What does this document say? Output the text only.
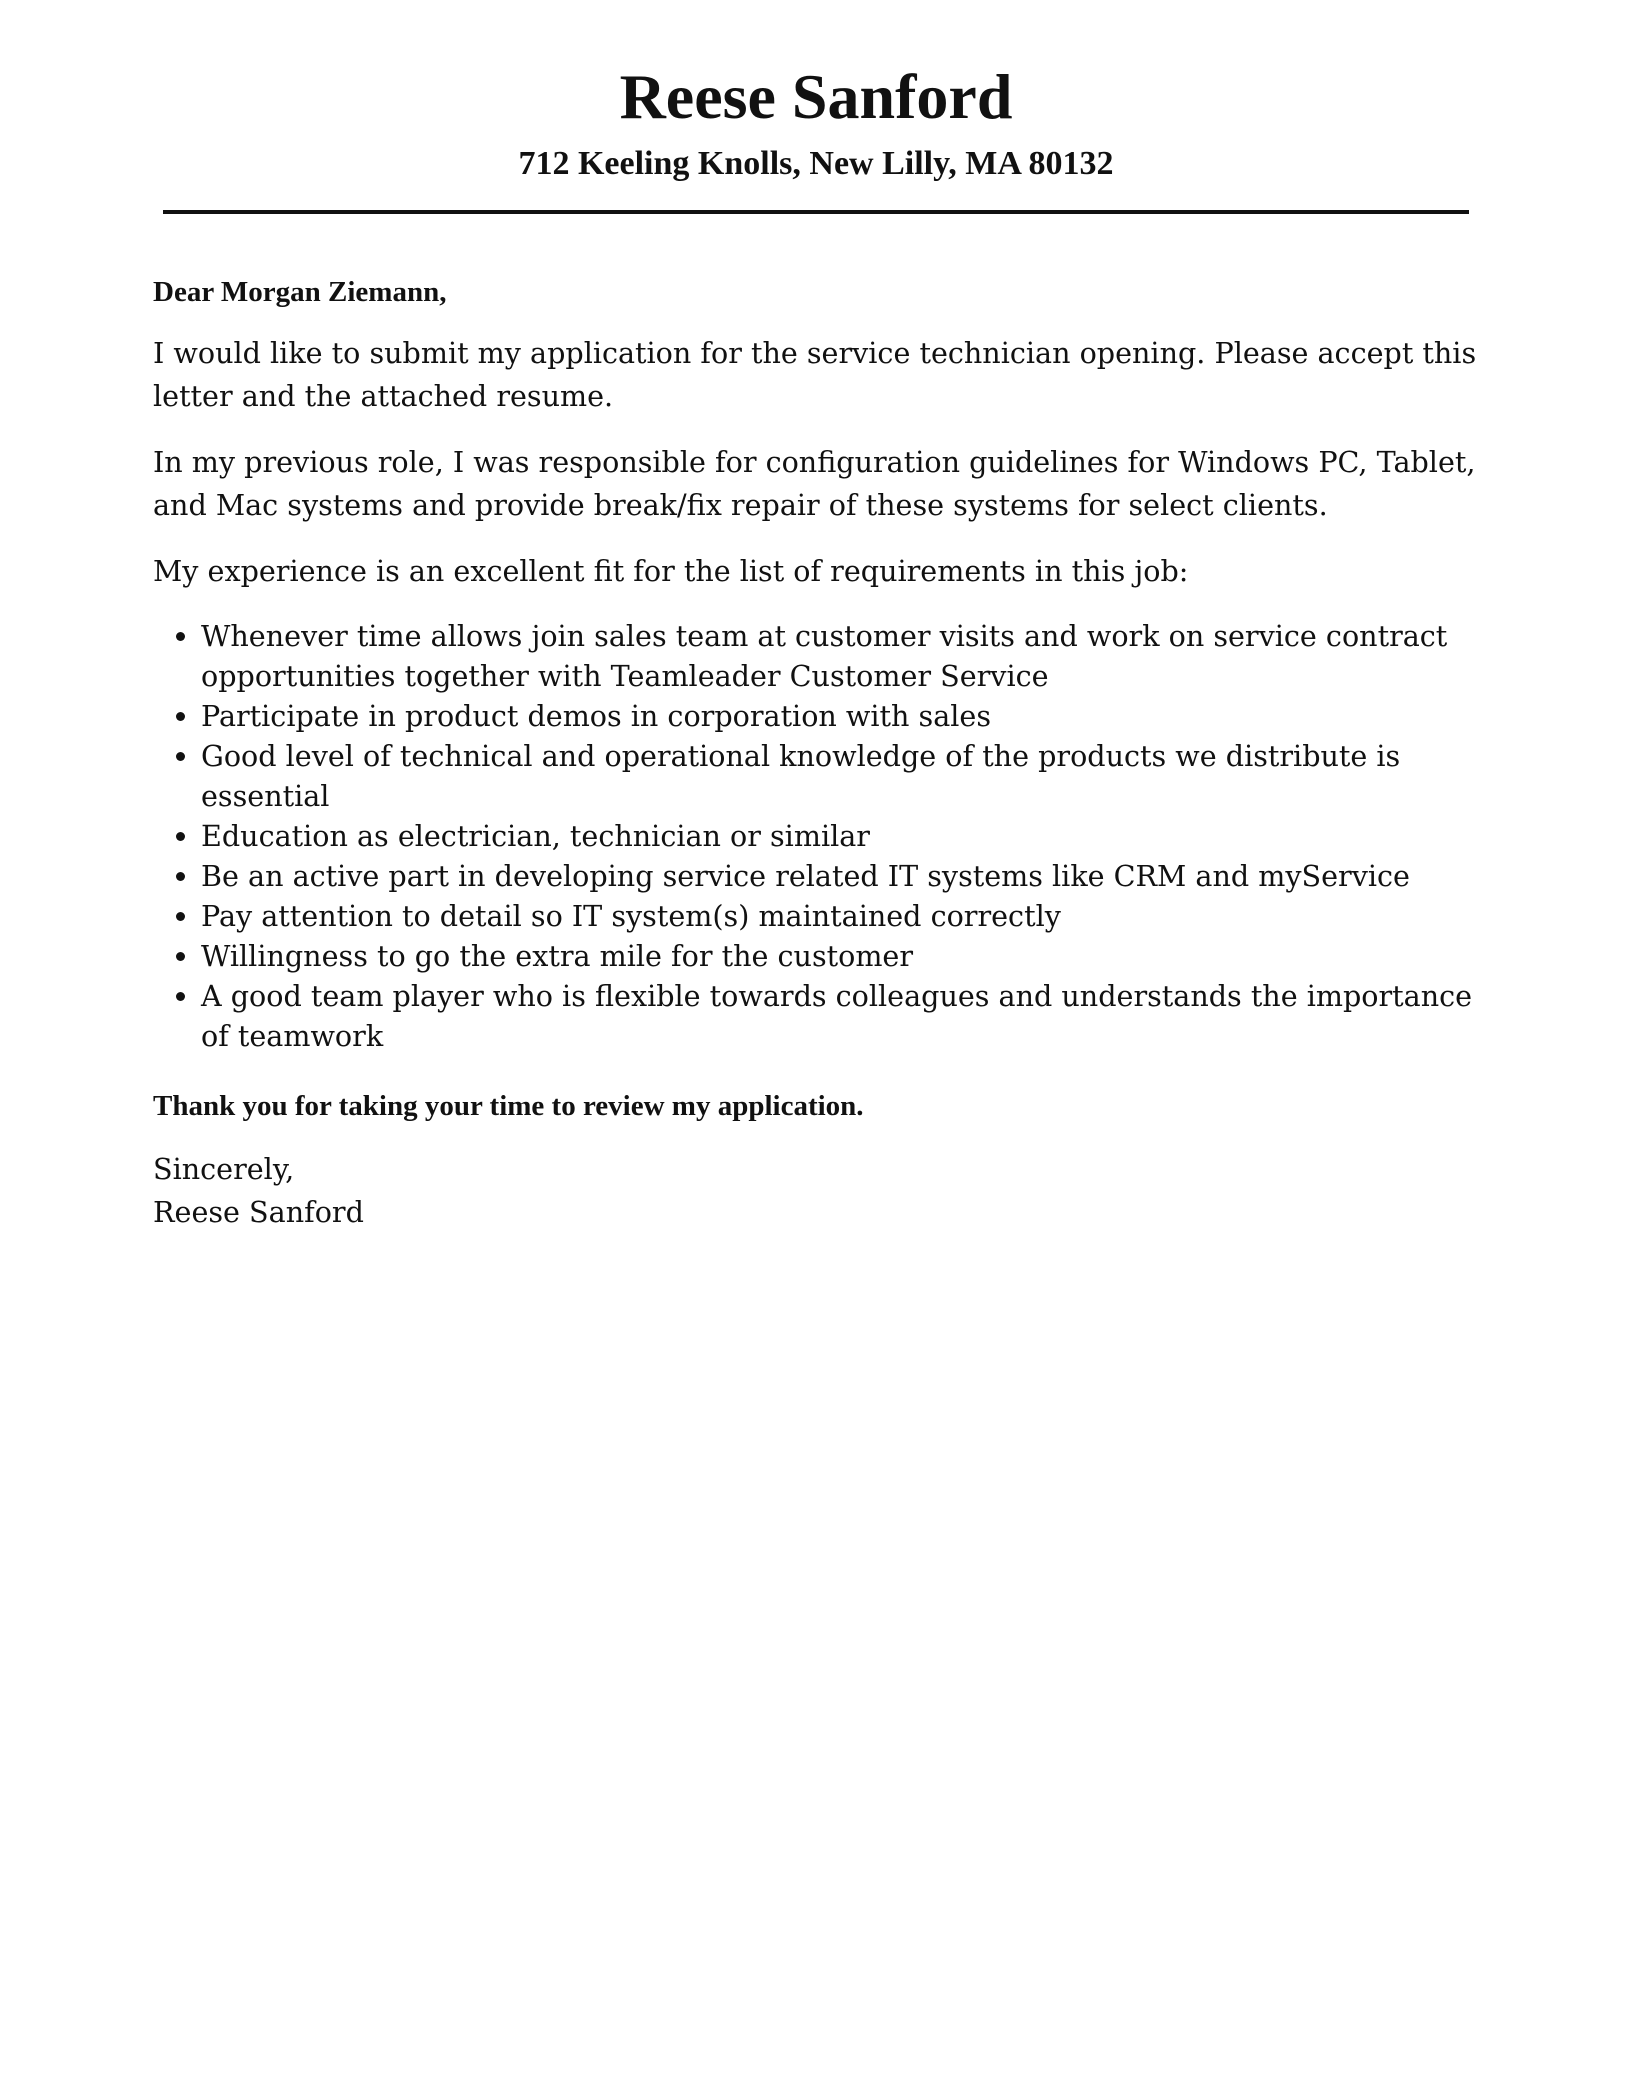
Reese Sanford
712 Keeling Knolls, New Lilly, MA 80132

Dear Morgan Ziemann,

I would like to submit my application for the service technician opening. Please accept this letter and the attached resume.

In my previous role, I was responsible for configuration guidelines for Windows PC, Tablet, and Mac systems and provide break/fix repair of these systems for select clients.

My experience is an excellent fit for the list of requirements in this job:

• Whenever time allows join sales team at customer visits and work on service contract opportunities together with Teamleader Customer Service
• Participate in product demos in corporation with sales
• Good level of technical and operational knowledge of the products we distribute is essential
• Education as electrician, technician or similar
• Be an active part in developing service related IT systems like CRM and myService
• Pay attention to detail so IT system(s) maintained correctly
• Willingness to go the extra mile for the customer
• A good team player who is flexible towards colleagues and understands the importance of teamwork

Thank you for taking your time to review my application.

Sincerely,
Reese Sanford
